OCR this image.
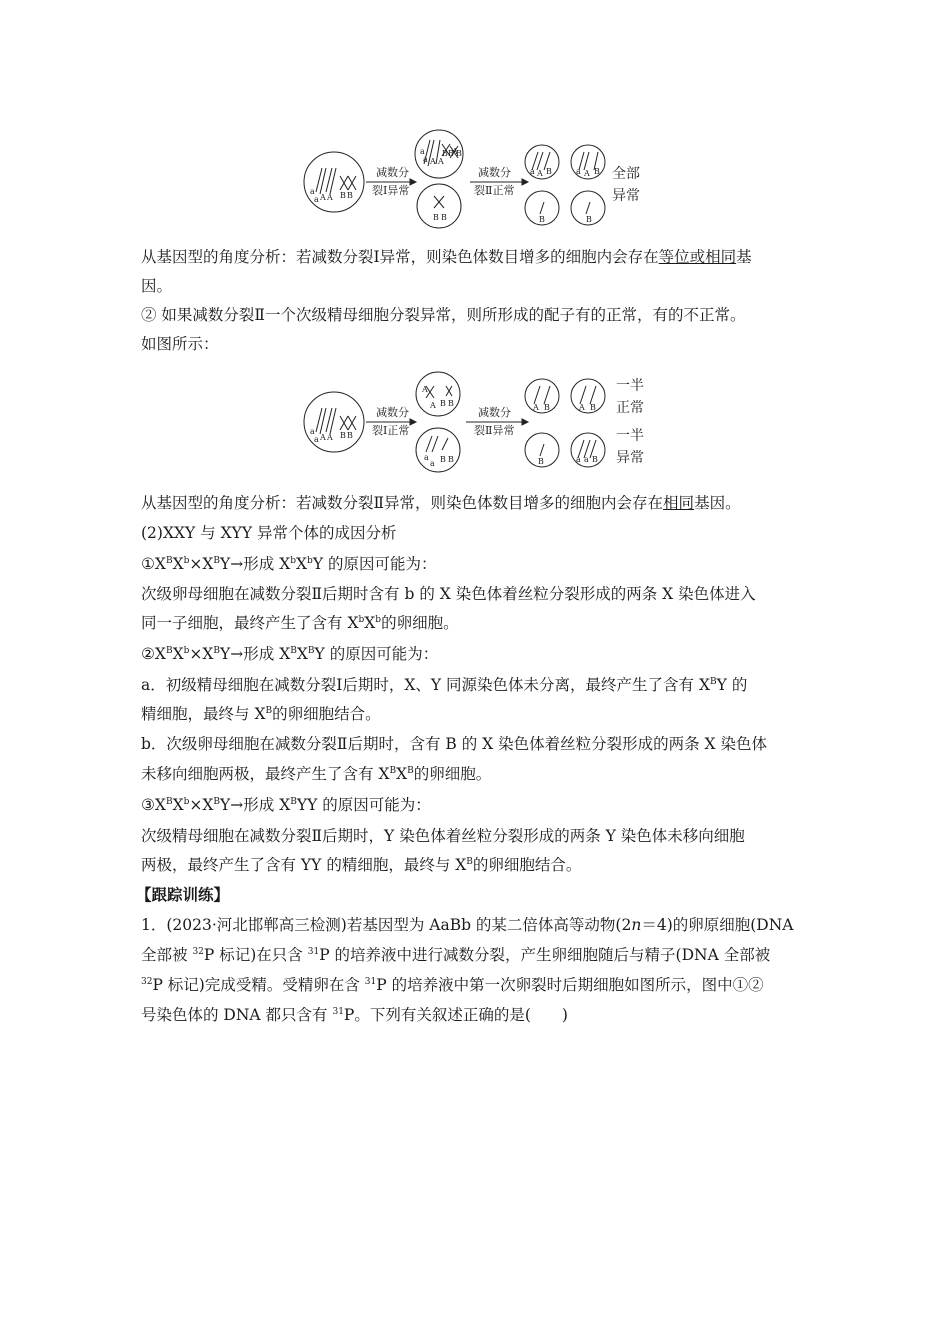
a
a A A B B
a
a A A
B B
A
B
B B
a A B	a A B
B	B
减数分
裂Ⅰ异常
减数分
裂Ⅱ正常
全部
异常
从基因型的角度分析：若减数分裂Ⅰ异常，则染色体数目增多的细胞内会存在等位或相同基
因。
② 如果减数分裂Ⅱ一个次级精母细胞分裂异常，则所形成的配子有的正常，有的不正常。
如图所示：
a
a A A B B
A
A B B
a
a B B
A B	A B
B	a a B
减数分
裂Ⅰ正常
减数分
裂Ⅱ异常
一半
正常
一半
异常
从基因型的角度分析：若减数分裂Ⅱ异常，则染色体数目增多的细胞内会存在相同基因。
(2)XXY 与 XYY 异常个体的成因分析
$①X^BX^b\times X^BY\to$形成 $X^bX^bY$ 的原因可能为：
次级卵母细胞在减数分裂Ⅱ后期时含有 b 的 X 染色体着丝粒分裂形成的两条 X 染色体进入
同一子细胞，最终产生了含有 $X^bX^b$的卵细胞。
$②X^BX^b\times X^BY\to$形成 $X^BX^BY$ 的原因可能为：
a．初级精母细胞在减数分裂Ⅰ后期时，X、Y 同源染色体未分离，最终产生了含有 $X^BY$ 的
精细胞，最终与 $X^B$的卵细胞结合。
b．次级卵母细胞在减数分裂Ⅱ后期时，含有 B 的 X 染色体着丝粒分裂形成的两条 X 染色体
未移向细胞两极，最终产生了含有 $X^BX^B$的卵细胞。
$③X^BX^b\times X^BY\to$形成 $X^BYY$ 的原因可能为：
次级精母细胞在减数分裂Ⅱ后期时，Y 染色体着丝粒分裂形成的两条 Y 染色体未移向细胞
两极，最终产生了含有 YY 的精细胞，最终与 $X^B$的卵细胞结合。
【跟踪训练】
1．(2023·河北邯郸高三检测)若基因型为 AaBb 的某二倍体高等动物(2n＝4)的卵原细胞(DNA
全部被 $^{32}$P 标记)在只含 $^{31}$P 的培养液中进行减数分裂，产生卵细胞随后与精子(DNA 全部被
$^{32}$P 标记)完成受精。受精卵在含 $^{31}$P 的培养液中第一次卵裂时后期细胞如图所示，图中①②
号染色体的 DNA 都只含有 $^{31}$P。下列有关叙述正确的是(　　)
